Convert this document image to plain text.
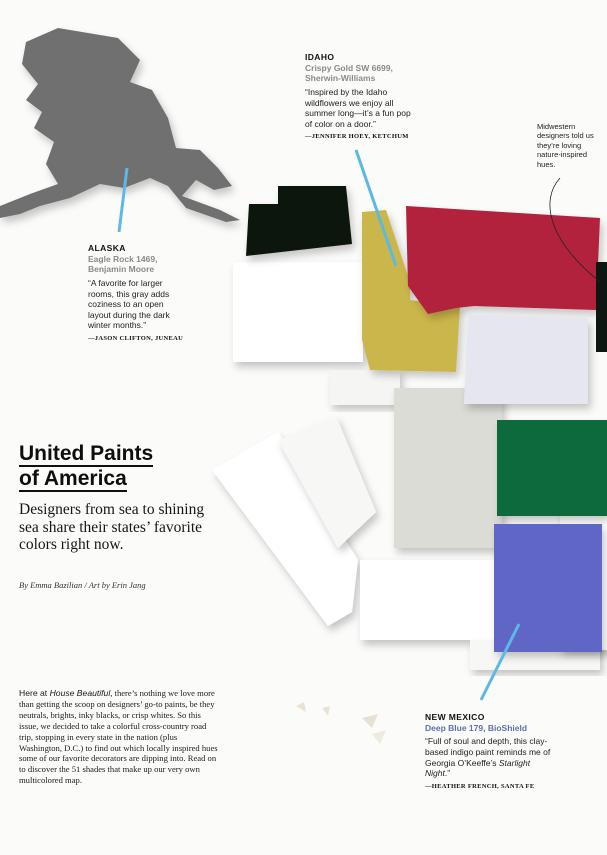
IDAHO
Crispy Gold SW 6699, Sherwin-Williams
“Inspired by the Idaho wildflowers we enjoy all summer long—it’s a fun pop of color on a door.”
—JENNIFER HOEY, KETCHUM
Midwestern designers told us they’re loving nature-inspired hues.
ALASKA
Eagle Rock 1469, Benjamin Moore
“A favorite for larger rooms, this gray adds coziness to an open layout during the dark winter months.”
—JASON CLIFTON, JUNEAU
United Paints
of America
Designers from sea to shining sea share their states’ favorite colors right now.
By Emma Bazilian / Art by Erin Jang
Here at House Beautiful, there’s nothing we love more than getting the scoop on designers’ go-to paints, be they neutrals, brights, inky blacks, or crisp whites. So this issue, we decided to take a colorful cross-country road trip, stopping in every state in the nation (plus Washington, D.C.) to find out which locally inspired hues some of our favorite decorators are dipping into. Read on to discover the 51 shades that make up our very own multicolored map.
NEW MEXICO
Deep Blue 179, BioShield
“Full of soul and depth, this clay-based indigo paint reminds me of Georgia O’Keeffe’s Starlight Night.”
—HEATHER FRENCH, SANTA FE
